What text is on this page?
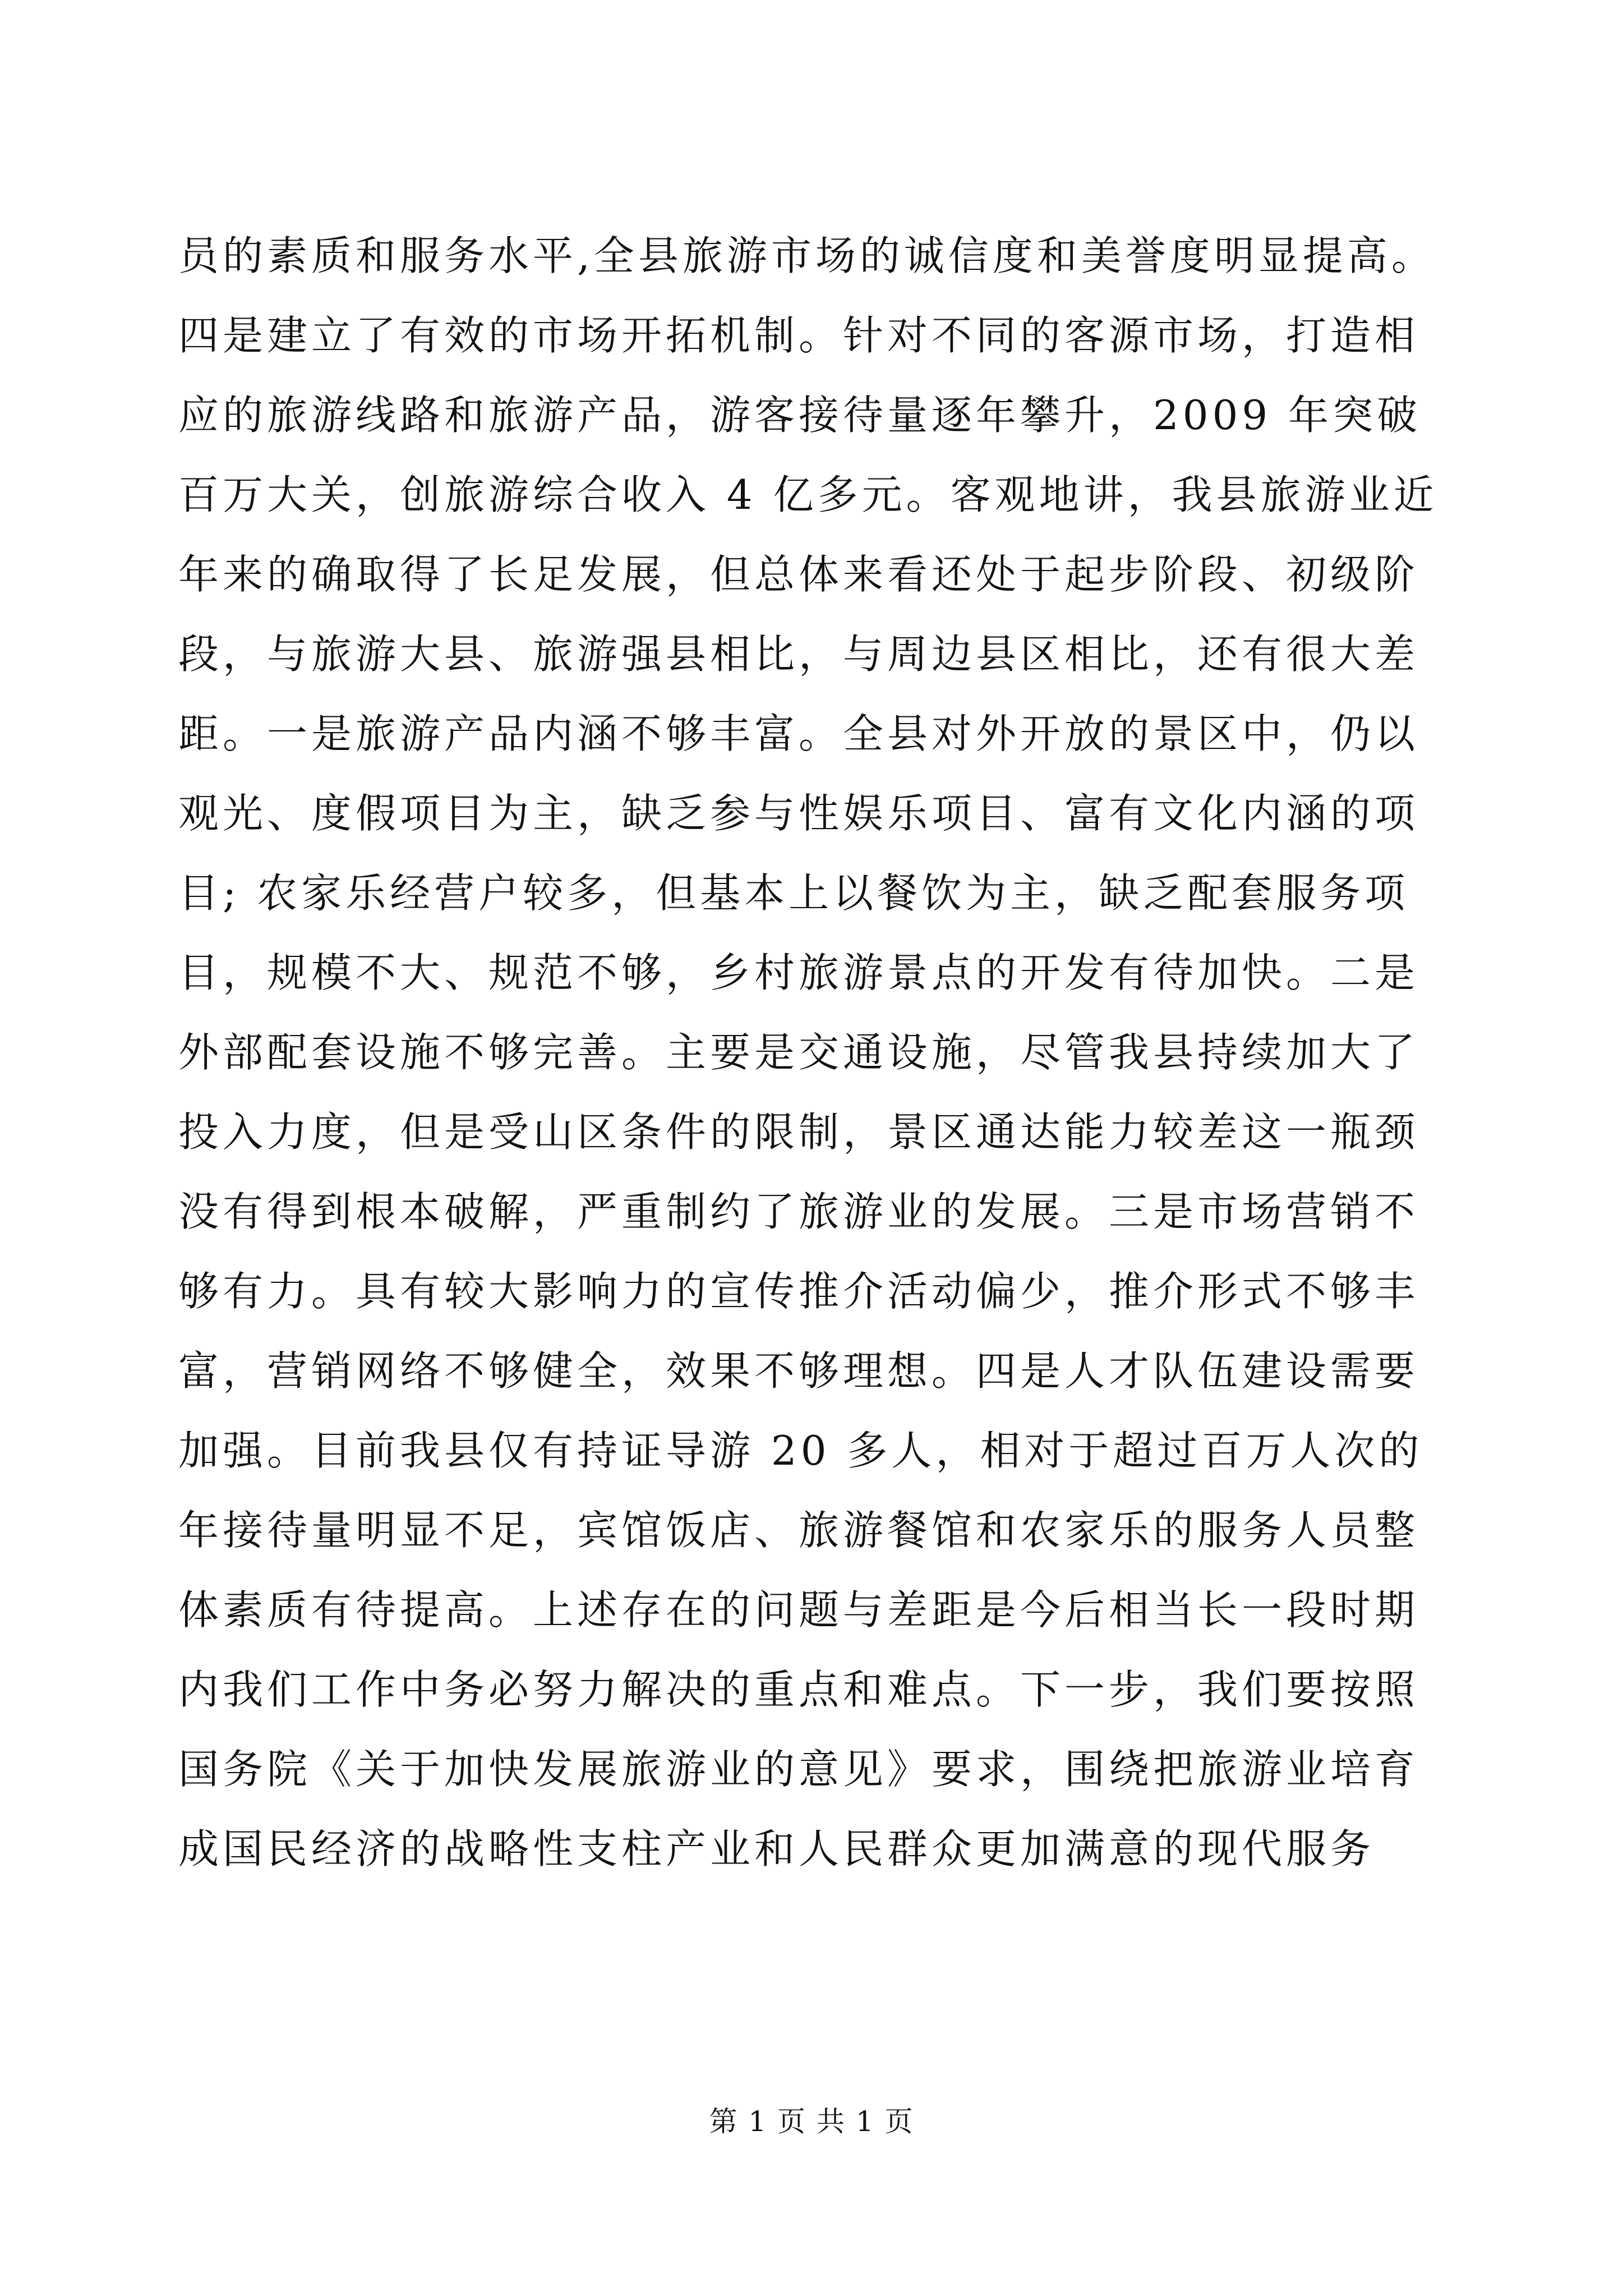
员的素质和服务水平,全县旅游市场的诚信度和美誉度明显提高。
四是建立了有效的市场开拓机制。针对不同的客源市场，打造相
应的旅游线路和旅游产品，游客接待量逐年攀升，2009 年突破
百万大关，创旅游综合收入 4 亿多元。客观地讲，我县旅游业近
年来的确取得了长足发展，但总体来看还处于起步阶段、初级阶
段，与旅游大县、旅游强县相比，与周边县区相比，还有很大差
距。一是旅游产品内涵不够丰富。全县对外开放的景区中，仍以
观光、度假项目为主，缺乏参与性娱乐项目、富有文化内涵的项
目; 农家乐经营户较多，但基本上以餐饮为主，缺乏配套服务项
目，规模不大、规范不够，乡村旅游景点的开发有待加快。二是
外部配套设施不够完善。主要是交通设施，尽管我县持续加大了
投入力度，但是受山区条件的限制，景区通达能力较差这一瓶颈
没有得到根本破解，严重制约了旅游业的发展。三是市场营销不
够有力。具有较大影响力的宣传推介活动偏少，推介形式不够丰
富，营销网络不够健全，效果不够理想。四是人才队伍建设需要
加强。目前我县仅有持证导游 20 多人，相对于超过百万人次的
年接待量明显不足，宾馆饭店、旅游餐馆和农家乐的服务人员整
体素质有待提高。上述存在的问题与差距是今后相当长一段时期
内我们工作中务必努力解决的重点和难点。下一步，我们要按照
国务院《关于加快发展旅游业的意见》要求，围绕把旅游业培育
成国民经济的战略性支柱产业和人民群众更加满意的现代服务
第 1 页 共 1 页
